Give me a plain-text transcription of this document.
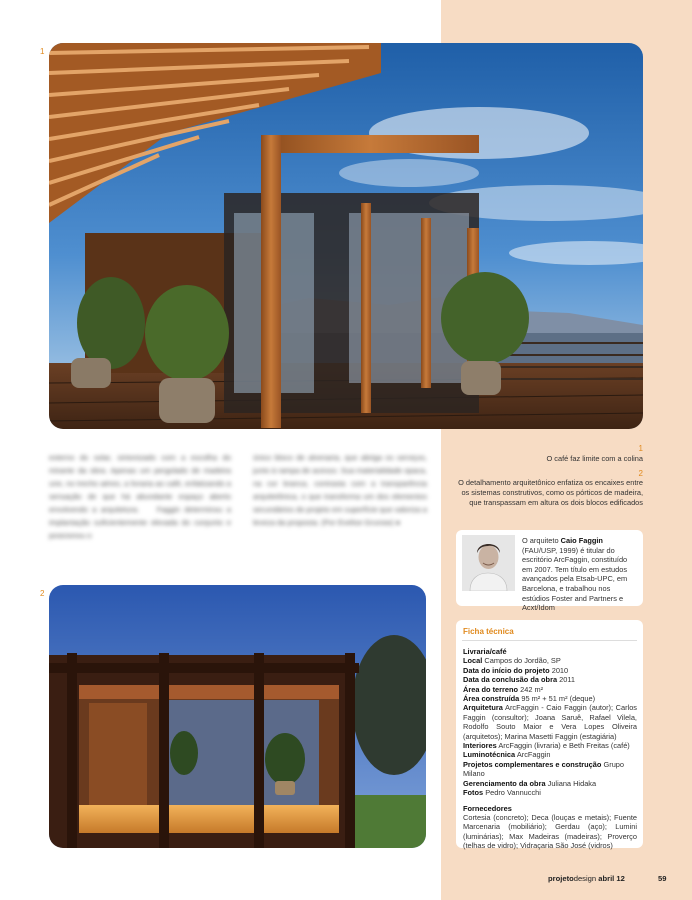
1

externo do solar, sintonizado com a escolha do mirante da obra. Apenas um pergolado de madeira une, no trecho aéreo, a livraria ao café, enfatizando a sensação de que há abundante espaço aberto envolvendo a arquitetura.    Faggin determinou a implantação suficientemente elevada do conjunto e posicionou o

único bloco de alvenaria, que abriga os serviços, junto à rampa de acesso. Sua materialidade opaca, na cor branca, contrasta com a transparência arquitetônica, o que transforma um dos elementos secundários do projeto em superfície que valoriza a leveza da proposta. (Por Evelise Grunow) ●

2

1

O café faz limite com a colina

2

O detalhamento arquitetônico enfatiza os encaixes entre os sistemas construtivos, como os pórticos de madeira, que transpassam em altura os dois blocos edificados

O arquiteto Caio Faggin (FAU/USP, 1999) é titular do escritório ArcFaggin, constituído em 2007. Tem título em estudos avançados pela Etsab-UPC, em Barcelona, e trabalhou nos estúdios Foster and Partners e Acxt/Idom

Ficha técnica

Livraria/café

Local Campos do Jordão, SP

Data do início do projeto 2010

Data da conclusão da obra 2011

Área do terreno 242 m²

Área construída 95 m² + 51 m² (deque)

Arquitetura ArcFaggin - Caio Faggin (autor); Carlos Faggin (consultor); Joana Saruê, Rafael Vilela, Rodolfo Souto Maior e Vera Lopes Oliveira (arquitetos); Marina Masetti Faggin (estagiária)

Interiores ArcFaggin (livraria) e Beth Freitas (café)

Luminotécnica ArcFaggin

Projetos complementares e construção Grupo Milano

Gerenciamento da obra Juliana Hidaka

Fotos Pedro Vannucchi

Fornecedores

Cortesia (concreto); Deca (louças e metais); Fuente Marcenaria (mobiliário); Gerdau (aço); Lumini (luminárias); Max Madeiras (madeiras); Proverço (telhas de vidro); Vidraçaria São José (vidros)

projetodesign abril 12	59
